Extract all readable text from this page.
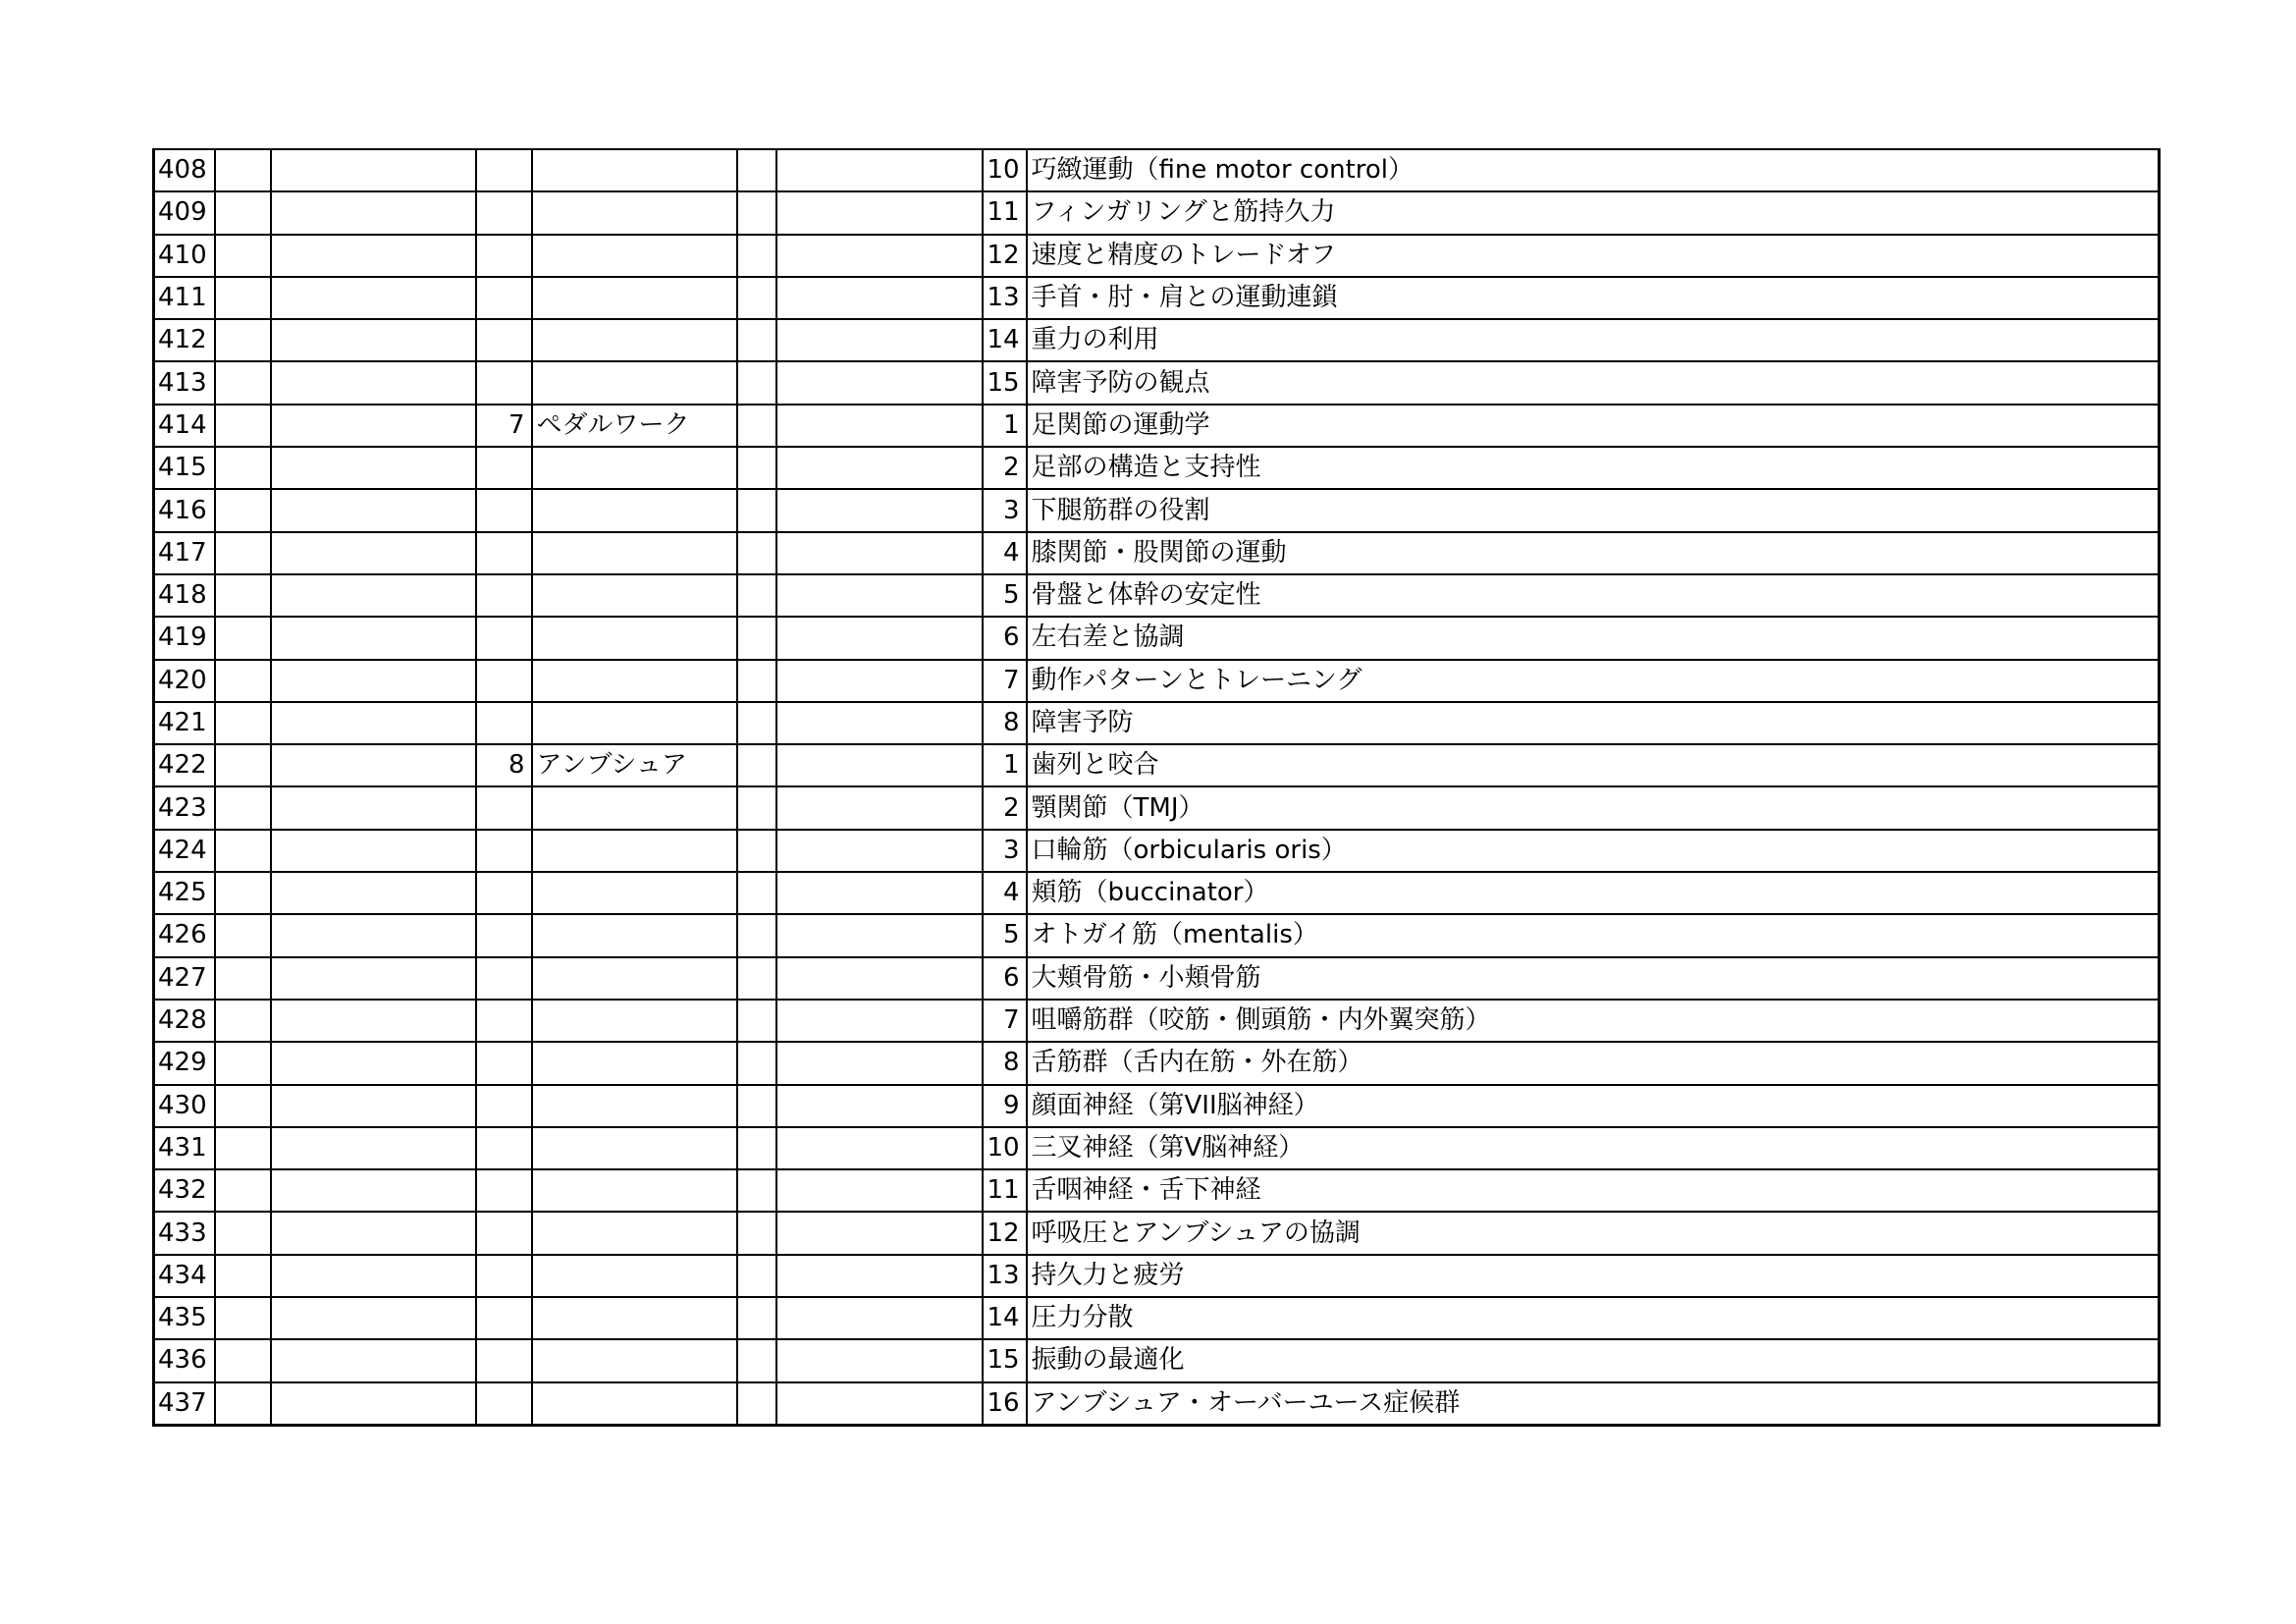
408							10	巧緻運動（fine motor control）
409							11	フィンガリングと筋持久力
410							12	速度と精度のトレードオフ
411							13	手首・肘・肩との運動連鎖
412							14	重力の利用
413							15	障害予防の観点
414			7	ペダルワーク			1	足関節の運動学
415							2	足部の構造と支持性
416							3	下腿筋群の役割
417							4	膝関節・股関節の運動
418							5	骨盤と体幹の安定性
419							6	左右差と協調
420							7	動作パターンとトレーニング
421							8	障害予防
422			8	アンブシュア			1	歯列と咬合
423							2	顎関節（TMJ）
424							3	口輪筋（orbicularis oris）
425							4	頬筋（buccinator）
426							5	オトガイ筋（mentalis）
427							6	大頬骨筋・小頬骨筋
428							7	咀嚼筋群（咬筋・側頭筋・内外翼突筋）
429							8	舌筋群（舌内在筋・外在筋）
430							9	顔面神経（第VII脳神経）
431							10	三叉神経（第V脳神経）
432							11	舌咽神経・舌下神経
433							12	呼吸圧とアンブシュアの協調
434							13	持久力と疲労
435							14	圧力分散
436							15	振動の最適化
437							16	アンブシュア・オーバーユース症候群
